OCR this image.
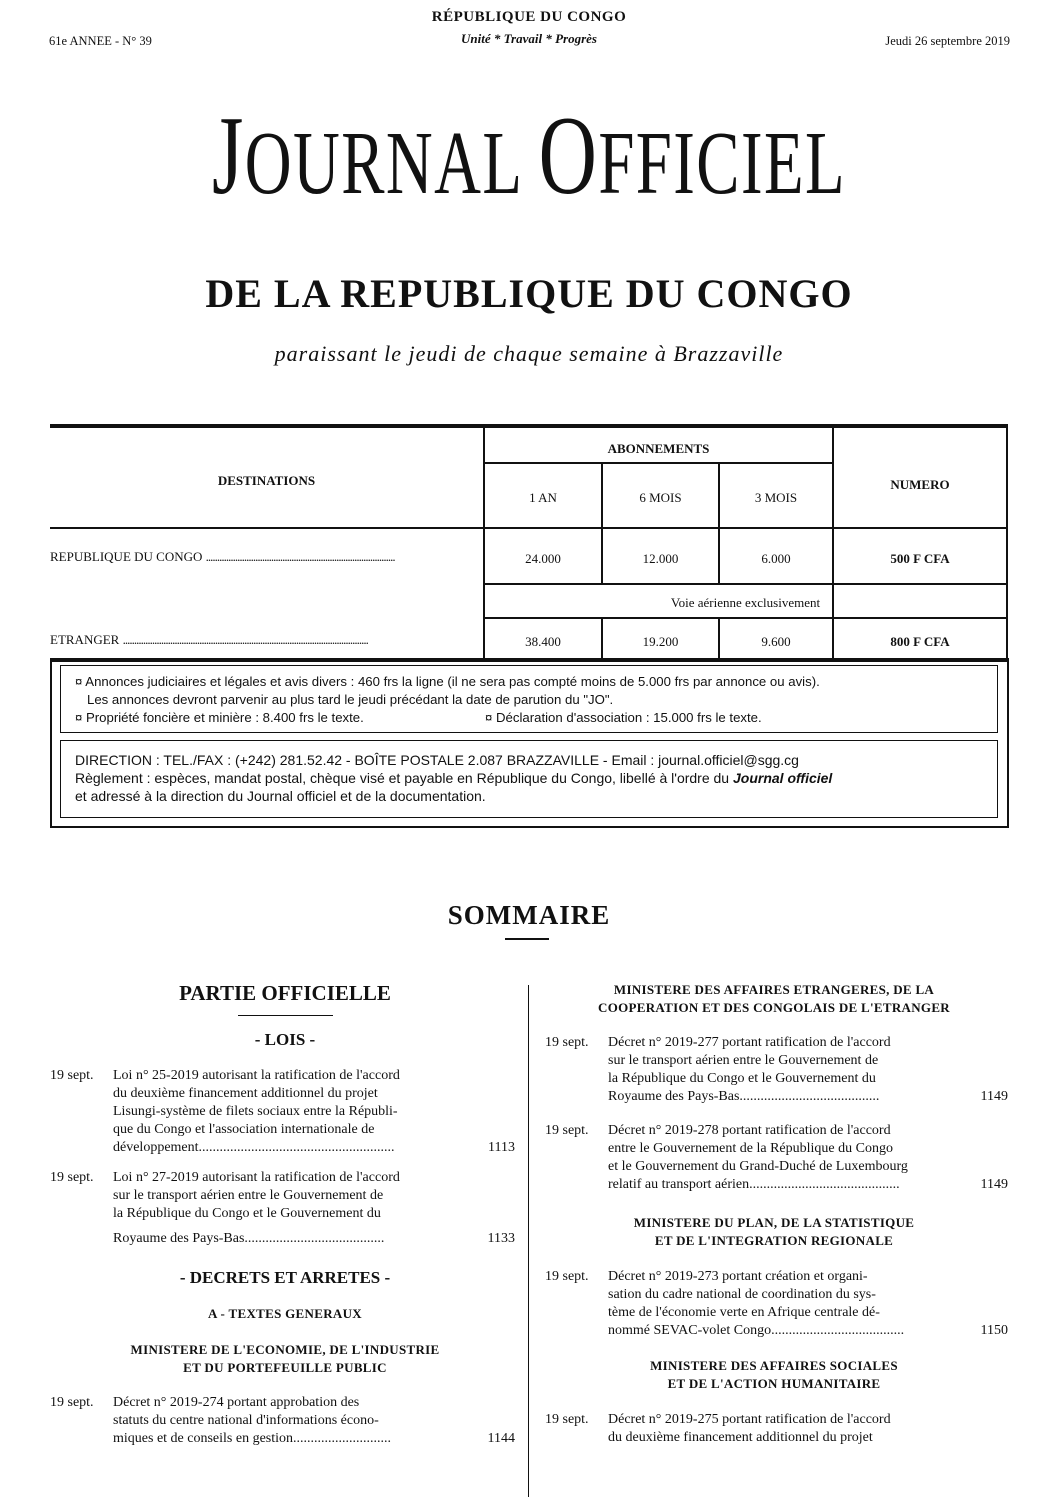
RÉPUBLIQUE DU CONGO
Unité * Travail * Progrès
61e ANNEE - N° 39	Jeudi 26 septembre 2019
JOURNAL OFFICIEL
DE LA REPUBLIQUE DU CONGO
paraissant le jeudi de chaque semaine à Brazzaville
DESTINATIONS
ABONNEMENTS
NUMERO
1 AN	6 MOIS	3 MOIS
REPUBLIQUE DU CONGO ....................................................................................	24.000	12.000	6.000	500 F CFA
Voie aérienne exclusivement
ETRANGER .............................................................................................................	38.400	19.200	9.600	800 F CFA
¤ Annonces judiciaires et légales et avis divers : 460 frs la ligne (il ne sera pas compté moins de 5.000 frs par annonce ou avis).
Les annonces devront parvenir au plus tard le jeudi précédant la date de parution du "JO".
¤ Propriété foncière et minière : 8.400 frs le texte.	¤ Déclaration d'association : 15.000 frs le texte.
DIRECTION : TEL./FAX : (+242) 281.52.42 - BOÎTE POSTALE 2.087 BRAZZAVILLE - Email : journal.officiel@sgg.cg
Règlement : espèces, mandat postal, chèque visé et payable en République du Congo, libellé à l'ordre du Journal officiel
et adressé à la direction du Journal officiel et de la documentation.
SOMMAIRE
PARTIE OFFICIELLE
- LOIS -
19 sept. Loi n° 25-2019 autorisant la ratification de l'accord
du deuxième financement additionnel du projet
Lisungi-système de filets sociaux entre la Républi-
que du Congo et l'association internationale de
développement........................................................	1113
19 sept. Loi n° 27-2019 autorisant la ratification de l'accord
sur le transport aérien entre le Gouvernement de
la République du Congo et le Gouvernement du
Royaume des Pays-Bas........................................	1133
- DECRETS ET ARRETES -
A - TEXTES GENERAUX
MINISTERE DE L'ECONOMIE, DE L'INDUSTRIE
ET DU PORTEFEUILLE PUBLIC
19 sept. Décret n° 2019-274 portant approbation des
statuts du centre national d'informations écono-
miques et de conseils en gestion............................	1144
MINISTERE DES AFFAIRES ETRANGERES, DE LA
COOPERATION ET DES CONGOLAIS DE L'ETRANGER
19 sept. Décret n° 2019-277 portant ratification de l'accord
sur le transport aérien entre le Gouvernement de
la République du Congo et le Gouvernement du
Royaume des Pays-Bas........................................	1149
19 sept. Décret n° 2019-278 portant ratification de l'accord
entre le Gouvernement de la République du Congo
et le Gouvernement du Grand-Duché de Luxembourg
relatif au transport aérien...........................................	1149
MINISTERE DU PLAN, DE LA STATISTIQUE
ET DE L'INTEGRATION REGIONALE
19 sept. Décret n° 2019-273 portant création et organi-
sation du cadre national de coordination du sys-
tème de l'économie verte en Afrique centrale dé-
nommé SEVAC-volet Congo......................................	1150
MINISTERE DES AFFAIRES SOCIALES
ET DE L'ACTION HUMANITAIRE
19 sept. Décret n° 2019-275 portant ratification de l'accord
du deuxième financement additionnel du projet
